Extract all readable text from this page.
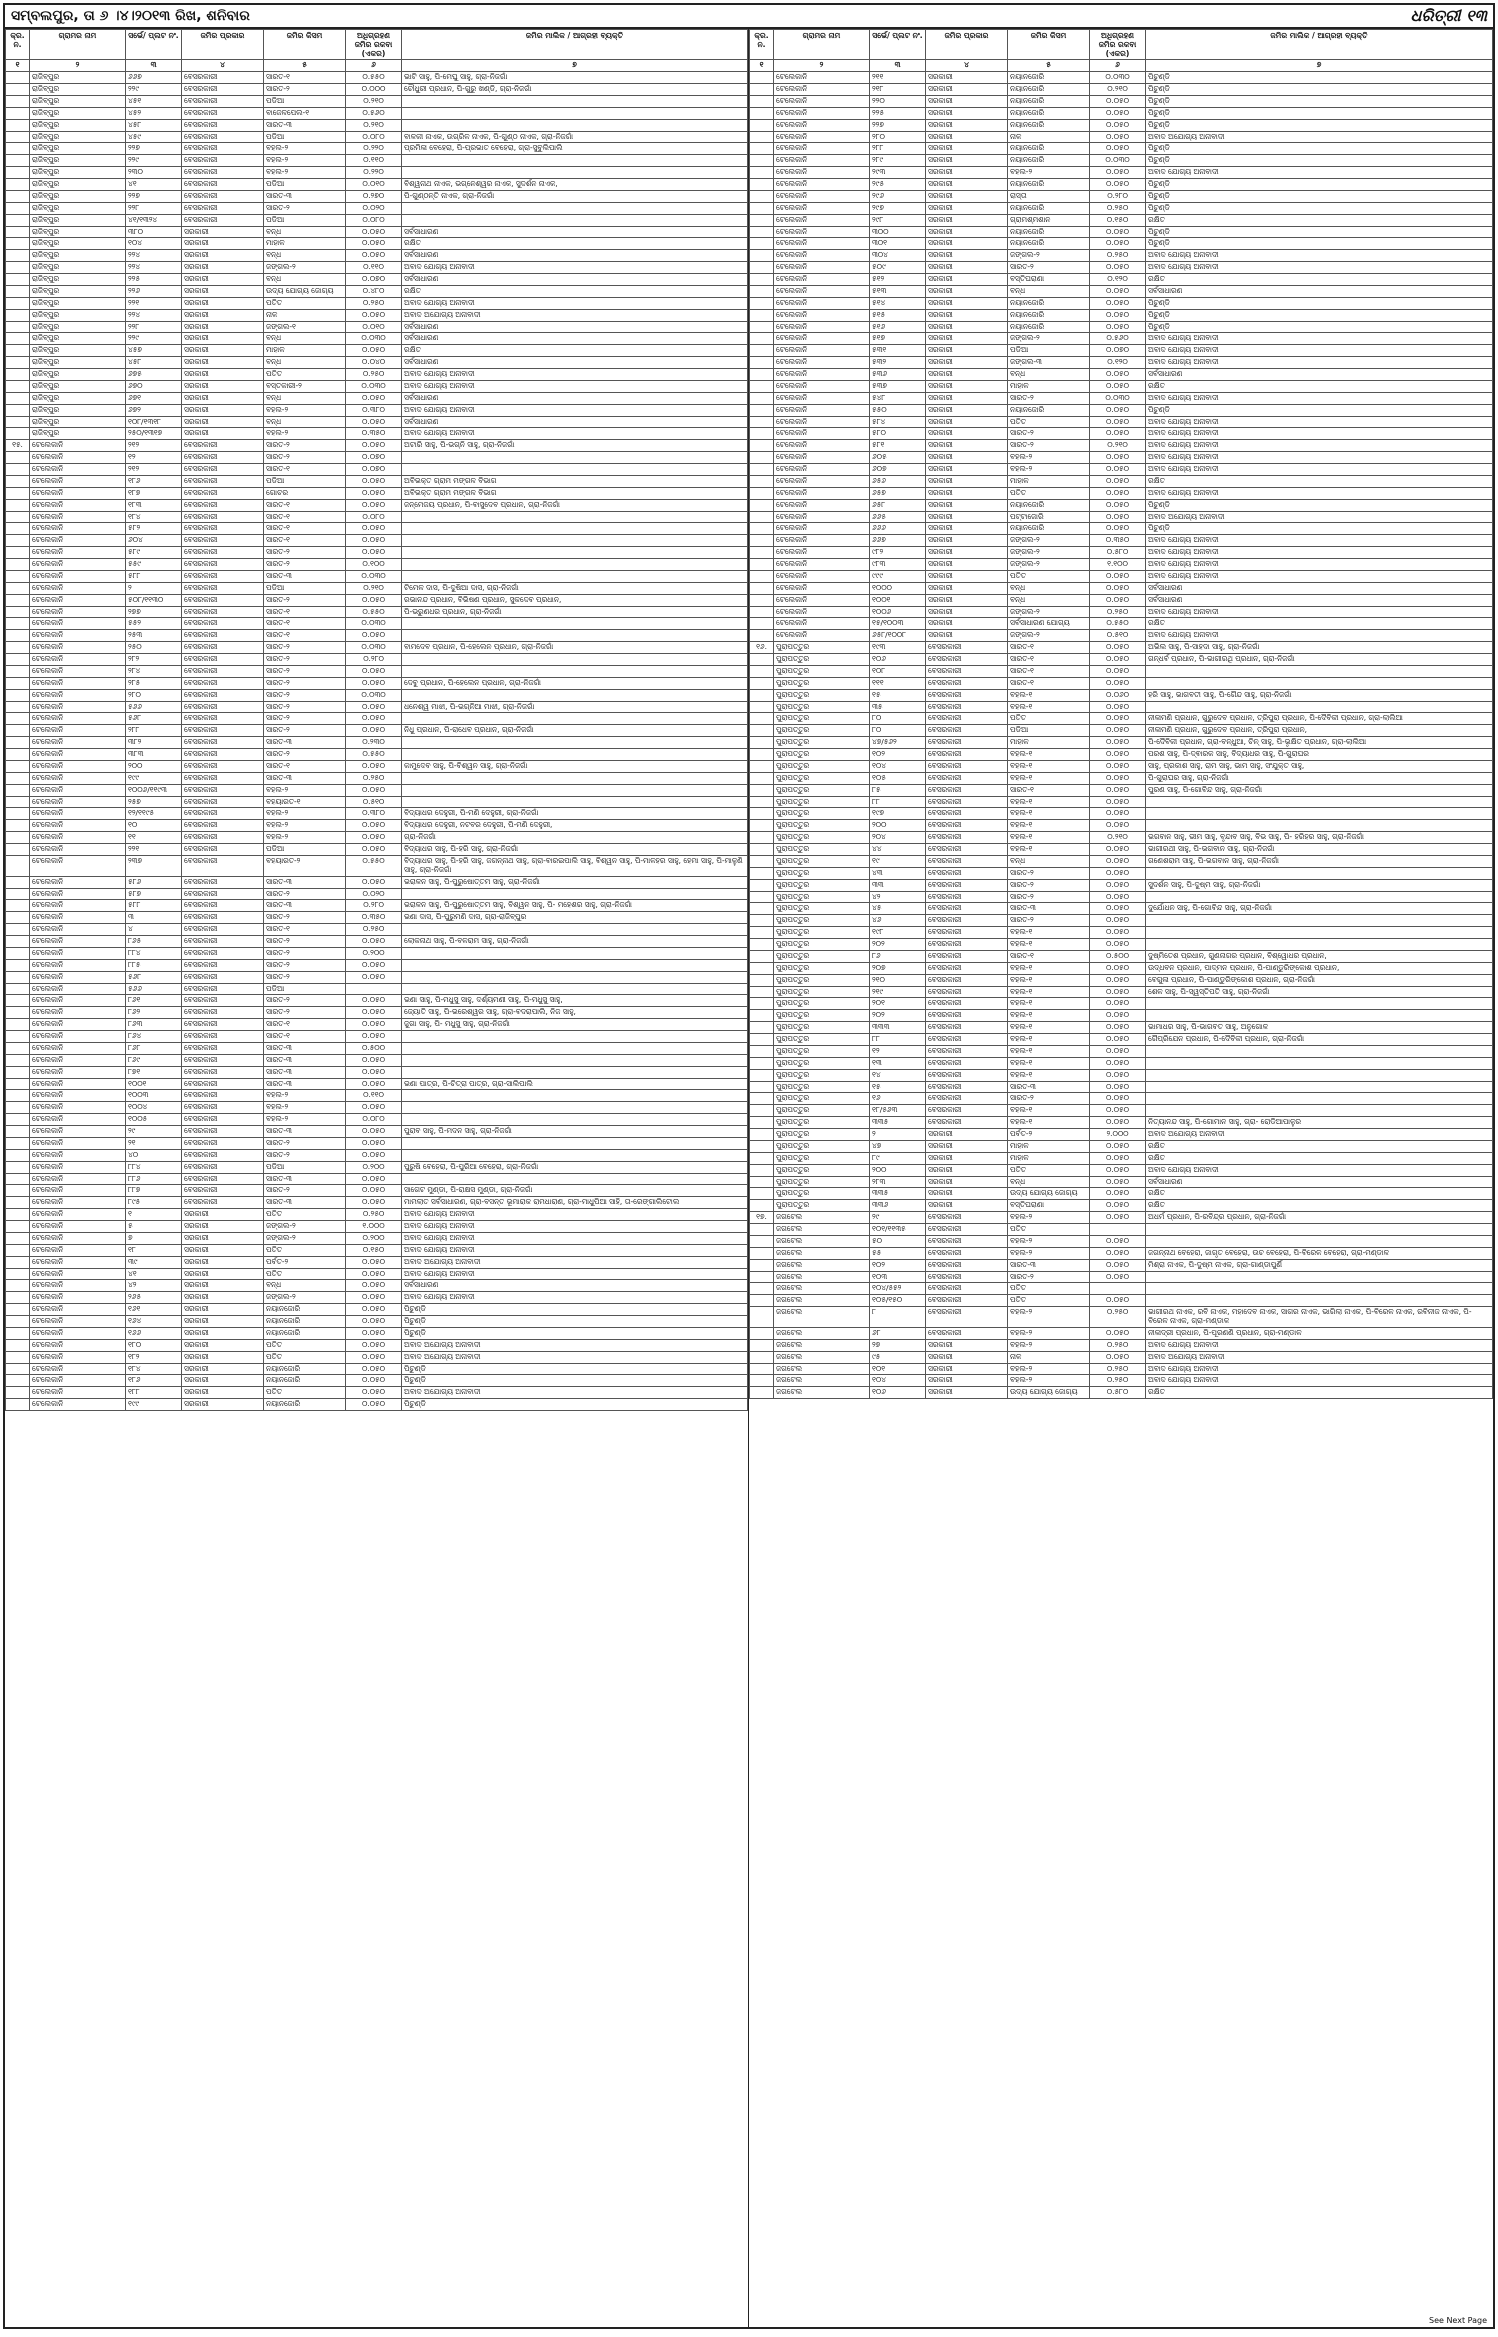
ସମ୍ବଲପୁର, ତା ୬ ।୪।୨୦୧୩ ରିଖ, ଶନିବାର	ଧରିତ୍ରୀ ୧୩
କ୍ର. ନ.	ଗ୍ରାମର ନାମ	ସର୍ଭେ/ ପ୍ଲଟ ନଂ.	ଜମିର ପ୍ରକାର	ଜମିର କିସମ	ଅଧିଗ୍ରହଣ ଜମିର ରକବା (ଏକର)	ଜମିର ମାଲିକ / ଆଗ୍ରହୀ ବ୍ୟକ୍ତି
୧	୨	୩	୪	୫	୬	୭
	ରାଜିବ୍ପୁର	୬୬୭	ବେସରକାରୀ	ସାରତ-୧	୦.୫୫୦	ଭାଟି ସାହୁ, ପି-ମେଘୁ ସାହୁ, ଗ୍ରା-ନିଜଗାଁ
	ରାଜିବ୍ପୁର	୨୨୯	ବେସରକାରୀ	ସାରତ-୨	୦.୦୦୦	ଚୌଧୁରୀ ପ୍ରଧାନ, ପି-ଗୁରୁ ଖଣ୍ଡି, ଗ୍ରା-ନିଜଗାଁ
	ରାଜିବ୍ପୁର	୪୫୧	ବେସରକାରୀ	ପଡିଆ	୦.୨୧୦	
	ରାଜିବ୍ପୁର	୪୫୨	ବେସରକାରୀ	ବାଜେଳପେଲ-୧	୦.୫୬୦	
	ରାଜିବ୍ପୁର	୪୫୮	ବେସରକାରୀ	ସାରତ-୩	୦.୨୧୦	
	ରାଜିବ୍ପୁର	୪୫୯	ବେସରକାରୀ	ପଡିଆ	୦.୦୮୦	ବାଳକୀ ନାଏକ, ଉଗ୍ରିଳ ନାଏକ, ପି-ଗୁଣ୍ଠ ନାଏକ, ଗ୍ରା-ନିଜଗାଁ
	ରାଜିବ୍ପୁର	୨୨୭	ବେସରକାରୀ	ବହଲ-୨	୦.୨୨୦	ପ୍ରମିଳା ବେହେରା, ପି-ପ୍ରଭାତ ବେହେରା, ଗ୍ରା-ସୁବୁଲିପାଲି
	ରାଜିବ୍ପୁର	୨୨୯	ବେସରକାରୀ	ବହଲ-୨	୦.୧୧୦	
	ରାଜିବ୍ପୁର	୨୩୦	ବେସରକାରୀ	ବହଲ-୨	୦.୨୨୦	
	ରାଜିବ୍ପୁର	୪୧	ବେସରକାରୀ	ପଡିଆ	୦.୦୧୦	ବିଶ୍ୱନାଥ ନାଏକ, ଭଗ୍ନେଶ୍ୱର ନାଏକ, ସୁଦର୍ଶନ ନାଏକ,
	ରାଜିବ୍ପୁର	୨୨୭	ବେସରକାରୀ	ସାରତ-୩	୦.୨୭୦	ପି-ଗୁଣ୍ଠନ୍ତି ନାଏକ, ଗ୍ରା-ନିଜଗାଁ
	ରାଜିବ୍ପୁର	୨୨୮	ବେସରକାରୀ	ସାରତ-୨	୦.୦୨୦	
	ରାଜିବ୍ପୁର	୪୧/୧୩୨୪	ବେସରକାରୀ	ପଡିଆ	୦.୦୮୦	
	ରାଜିବ୍ପୁର	୩୮୦	ସରକାରୀ	ବନ୍ଧ	୦.୦୫୦	ସର୍ବସାଧାରଣ
	ରାଜିବ୍ପୁର	୧୦୪	ସରକାରୀ	ମାହାଳ	୦.୦୫୦	ରକ୍ଷିତ
	ରାଜିବ୍ପୁର	୨୨୪	ସରକାରୀ	ବନ୍ଧ	୦.୦୫୦	ସର୍ବସାଧାରଣ
	ରାଜିବ୍ପୁର	୨୨୪	ସରକାରୀ	ଜଙ୍ଗଲ-୨	୦.୧୧୦	ଅବାଦ ଯୋଗ୍ୟ ଅନାବାଦୀ
	ରାଜିବ୍ପୁର	୨୨୫	ସରକାରୀ	ବନ୍ଧ	୦.୦୭୦	ସର୍ବସାଧାରଣ
	ରାଜିବ୍ପୁର	୨୨୬	ସରକାରୀ	ଉଦ୍ୟ ଯୋଗ୍ୟ ଜୋଗ୍ୟ	୦.୪୮୦	ରକ୍ଷିତ
	ରାଜିବ୍ପୁର	୨୨୧	ସରକାରୀ	ପତିତ	୦.୨୫୦	ଅବାଦ ଯୋଗ୍ୟ ଅନାବାଦୀ
	ରାଜିବ୍ପୁର	୨୨୪	ସରକାରୀ	ନାଳ	୦.୦୫୦	ଅବାଦ ଅଯୋଗ୍ୟ ଅନାବାଦୀ
	ରାଜିବ୍ପୁର	୨୨୮	ସରକାରୀ	ଜଙ୍ଗଲ-୧	୦.୦୧୦	ସର୍ବସାଧାରଣ
	ରାଜିବ୍ପୁର	୨୨୯	ସରକାରୀ	ବନ୍ଧ	୦.୦୩୦	ସର୍ବସାଧାରଣ
	ରାଜିବ୍ପୁର	୪୫୭	ସରକାରୀ	ମାହାଳ	୦.୦୫୦	ରକ୍ଷିତ
	ରାଜିବ୍ପୁର	୪୫୮	ସରକାରୀ	ବନ୍ଧ	୦.୦୪୦	ସର୍ବସାଧାରଣ
	ରାଜିବ୍ପୁର	୬୭୫	ସରକାରୀ	ପତିତ	୦.୨୫୦	ଅବାଦ ଯୋଗ୍ୟ ଅନାବାଦୀ
	ରାଜିବ୍ପୁର	୬୭୦	ସରକାରୀ	ବସ୍ତକାରୀ-୨	୦.୦୩୦	ଅବାଦ ଯୋଗ୍ୟ ଅନାବାଦୀ
	ରାଜିବ୍ପୁର	୬୭୧	ସରକାରୀ	ବନ୍ଧ	୦.୦୫୦	ସର୍ବସାଧାରଣ
	ରାଜିବ୍ପୁର	୬୭୨	ସରକାରୀ	ବହଲ-୨	୦.୩୮୦	ଅବାଦ ଯୋଗ୍ୟ ଅନାବାଦୀ
	ରାଜିବ୍ପୁର	୧୦୮/୧୩୧୮	ସରକାରୀ	ବନ୍ଧ	୦.୦୫୦	ସର୍ବସାଧାରଣ
	ରାଜିବ୍ପୁର	୨୫୦/୧୩୧୭	ସରକାରୀ	ବହଲ-୨	୦.୩୫୦	ଅବାଦ ଯୋଗ୍ୟ ଅନାବାଦୀ
୧୫.	ଟେଲେକାନି	୨୧୨	ବେସରକାରୀ	ସାରତ-୨	୦.୦୫୦	ଅଟାରି ସାହୁ, ପି-ଭଗ୍ନି ସାହୁ, ଗ୍ରା-ନିଜଗାଁ
	ଟେଲେକାନି	୧୨	ବେସରକାରୀ	ସାରତ-୨	୦.୦୭୦	
	ଟେଲେକାନି	୨୧୨	ବେସରକାରୀ	ସାରତ-୧	୦.୦୭୦	
	ଟେଲେକାନି	୧୮୬	ବେସରକାରୀ	ପଡିଆ	୦.୦୫୦	ଅବିଭକ୍ତ ଗ୍ରାମ ମଙ୍ଗଳ ବିଭାଗ
	ଟେଲେକାନି	୧୮୭	ବେସରକାରୀ	ଗୋଚର	୦.୦୫୦	ଅବିଭକ୍ତ ଗ୍ରାମ ମଙ୍ଗଳ ବିଭାଗ
	ଟେଲେକାନି	୧୮୩	ବେସରକାରୀ	ସାରତ-୧	୦.୦୫୦	ଜନ୍ମେଜୟ ପ୍ରଧାନ, ପି-ବାସୁଦେବ ପ୍ରଧାନ, ଗ୍ରା-ନିଜଗାଁ
	ଟେଲେକାନି	୧୮୪	ବେସରକାରୀ	ସାରତ-୧	୦.୦୮୦	
	ଟେଲେକାନି	୫୮୨	ବେସରକାରୀ	ସାରତ-୧	୦.୦୫୦	
	ଟେଲେକାନି	୬୦୪	ବେସରକାରୀ	ସାରତ-୧	୦.୦୫୦	
	ଟେଲେକାନି	୫୮୯	ବେସରକାରୀ	ସାରତ-୨	୦.୦୫୦	
	ଟେଲେକାନି	୫୫୯	ବେସରକାରୀ	ସାରତ-୨	୦.୧୦୦	
	ଟେଲେକାନି	୫୮୮	ବେସରକାରୀ	ସାରତ-୩	୦.୦୩୦	
	ଟେଲେକାନି	୨	ବେସରକାରୀ	ପଡିଆ	୦.୨୧୦	ଟିମେଳ ଦାସ, ପି-ଦୁଷିଆ ଦାସ, ଗ୍ରା-ନିଜଗାଁ
	ଟେଲେକାନି	୫୦୮/୧୧୩୦	ବେସରକାରୀ	ସାରତ-୨	୦.୦୫୦	ରଭାନନ୍ଦ ପ୍ରଧାନ, ବିଭିଷଣ ପ୍ରଧାନ, ସୁକଦେବ ପ୍ରଧାନ,
	ଟେଲେକାନି	୨୭୭	ବେସରକାରୀ	ସାରତ-୧	୦.୫୫୦	ପି-ଭରୁଣଧର ପ୍ରଧାନ, ଗ୍ରା-ନିଜଗାଁ
	ଟେଲେକାନି	୫୫୨	ବେସରକାରୀ	ସାରତ-୧	୦.୦୩୦	
	ଟେଲେକାନି	୨୫୩	ବେସରକାରୀ	ସାରତ-୧	୦.୦୫୦	
	ଟେଲେକାନି	୨୫୦	ବେସରକାରୀ	ସାରତ-୨	୦.୦୩୦	ବାମଦେବ ପ୍ରଧାନ, ପି-ହେଲେନ ପ୍ରଧାନ, ଗ୍ରା-ନିଜଗାଁ
	ଟେଲେକାନି	୨୮୨	ବେସରକାରୀ	ସାରତ-୨	୦.୨୮୦	
	ଟେଲେକାନି	୨୮୪	ବେସରକାରୀ	ସାରତ-୨	୦.୦୫୦	
	ଟେଲେକାନି	୨୮୫	ବେସରକାରୀ	ସାରତ-୨	୦.୦୫୦	ଦେବୁ ପ୍ରଧାନ, ପି-ହେଲେନ ପ୍ରଧାନ, ଗ୍ରା-ନିଜଗାଁ
	ଟେଲେକାନି	୨୮୦	ବେସରକାରୀ	ସାରତ-୨	୦.୦୩୦	
	ଟେଲେକାନି	୫୬୬	ବେସରକାରୀ	ସାରତ-୨	୦.୦୫୦	ଧନେଶ୍ୱ ମାଝୀ, ପି-ଭଗ୍ନିଆ ମାଝୀ, ଗ୍ରା-ନିଜଗାଁ
	ଟେଲେକାନି	୫୬୮	ବେସରକାରୀ	ସାରତ-୨	୦.୦୫୦	
	ଟେଲେକାନି	୨୮୮	ବେସରକାରୀ	ସାରତ-୨	୦.୦୫୦	ନିଧୁ ପ୍ରଧାନ, ପି-ରାଧେବ ପ୍ରଧାନ, ଗ୍ରା-ନିଜଗାଁ
	ଟେଲେକାନି	୩୮୨	ବେସରକାରୀ	ସାରତ-୩	୦.୨୩୦	
	ଟେଲେକାନି	୩୮୩	ବେସରକାରୀ	ସାରତ-୨	୦.୫୫୦	
	ଟେଲେକାନି	୨୦୦	ବେସରକାରୀ	ସାରତ-୧	୦.୦୫୦	କାମୁଦେବ ସାହୁ, ପି-ବିଶ୍ୱନ ସାହୁ, ଗ୍ରା-ନିଜଗାଁ
	ଟେଲେକାନି	୧୯୯	ବେସରକାରୀ	ସାରତ-୩	୦.୨୫୦	
	ଟେଲେକାନି	୧୦୦୬/୧୧୯୩	ବେସରକାରୀ	ବହଲ-୨	୦.୦୫୦	
	ଟେଲେକାନି	୨୫୭	ବେସରକାରୀ	ବହୟାରତ-୧	୦.୫୧୦	
	ଟେଲେକାନି	୧୨/୧୧୯୫	ବେସରକାରୀ	ବହଲ-୨	୦.୩୮୦	ବିଦ୍ୟାଧର ଦେହୁରୀ, ପି-ମଣି ଦେହୁରୀ, ଗ୍ରା-ନିଜଗାଁ
	ଟେଲେକାନି	୧୦	ବେସରକାରୀ	ବହଲ-୨	୦.୦୫୦	ବିଦ୍ୟାଧର ଦେହୁରୀ, ନଟବର ଦେହୁରୀ, ପି-ମଣି ଦେହୁରୀ,
	ଟେଲେକାନି	୧୧	ବେସରକାରୀ	ବହଲ-୨	୦.୦୫୦	ଗ୍ରା-ନିଜଗାଁ
	ଟେଲେକାନି	୨୨୧	ବେସରକାରୀ	ପଡିଆ	୦.୦୫୦	ବିଦ୍ୟାଧର ସାହୁ, ପି-ହରି ସାହୁ, ଗ୍ରା-ନିଜଗାଁ
	ଟେଲେକାନି	୨୩୭	ବେସରକାରୀ	ବହୟାରତ-୨	୦.୫୫୦	ବିଦ୍ୟାଧର ସାହୁ, ପି-ହରି ସାହୁ, ଜଗନ୍ନାଥ ସାହୁ, ଗ୍ରା-ବାରଇପାଲି ସାହୁ, ବିଶ୍ୱନ ସାହୁ, ପି-ମାଳହର ସାହୁ, ହେମା ସାହୁ, ପି-ମାଳୁଣି ସାହୁ, ଗ୍ରା-ନିଜଗାଁ
	ଟେଲେକାନି	୫୮୬	ବେସରକାରୀ	ସାରତ-୩	୦.୦୫୦	ଭରାଳନ ସାହୁ, ପି-ପୁରୁଷୋତ୍ତମ ସାହୁ, ଗ୍ରା-ନିଜଗାଁ
	ଟେଲେକାନି	୫୮୭	ବେସରକାରୀ	ସାରତ-୨	୦.୦୨୦	
	ଟେଲେକାନି	୫୮୮	ବେସରକାରୀ	ସାରତ-୩	୦.୨୮୦	ଭରାଳନ ସାହୁ, ପି-ପୁରୁଷୋତ୍ତମ ସାହୁ, ବିଶ୍ୱନ ସାହୁ, ପି- ମହେଶର ସାହୁ, ଗ୍ରା-ନିଜଗାଁ
	ଟେଲେକାନି	୩	ବେସରକାରୀ	ସାରତ-୨	୦.୩୫୦	ଭଣା ଦାସ, ପି-ପୁରୁମଣି ଦାସ, ଗ୍ରା-ରାଜିବ୍ପୁର
	ଟେଲେକାନି	୪	ବେସରକାରୀ	ସାରତ-୧	୦.୨୫୦	
	ଟେଲେକାନି	୮୬୫	ବେସରକାରୀ	ସାରତ-୨	୦.୦୫୦	ଲୋକନାଥ ସାହୁ, ପି-ବଳରାମ ସାହୁ, ଗ୍ରା-ନିଜଗାଁ
	ଟେଲେକାନି	୮୮୪	ବେସରକାରୀ	ସାରତ-୨	୦.୨୦୦	
	ଟେଲେକାନି	୮୮୫	ବେସରକାରୀ	ସାରତ-୨	୦.୦୫୦	
	ଟେଲେକାନି	୫୬୮	ବେସରକାରୀ	ସାରତ-୨	୦.୦୫୦	
	ଟେଲେକାନି	୫୬୬	ବେସରକାରୀ	ପଡିଆ		
	ଟେଲେକାନି	୮୬୧	ବେସରକାରୀ	ସାରତ-୨	୦.୦୫୦	ଭଣା ସାହୁ, ପି-ମଧୁସୁ ସାହୁ, ଦର୍ଶ୍ୟମଣୀ ସାହୁ, ପି-ମଧୁସୁ ସାହୁ,
	ଟେଲେକାନି	୮୬୨	ବେସରକାରୀ	ସାରତ-୨	୦.୦୫୦	ଜ୍ୟୋତି ସାହୁ, ପି-ଭରେଶ୍ୱର ସାହୁ, ଗ୍ରା-ବଦରାପାଲି, ନିଜ ସାହୁ,
	ଟେଲେକାନି	୮୬୩	ବେସରକାରୀ	ସାରତ-୧	୦.୦୫୦	ଜୁଗା ସାହୁ, ପି- ମଧୁସୁ ସାହୁ, ଗ୍ରା-ନିଜଗାଁ
	ଟେଲେକାନି	୮୬୪	ବେସରକାରୀ	ସାରତ-୧	୦.୦୫୦	
	ଟେଲେକାନି	୮୬୮	ବେସରକାରୀ	ସାରତ-୩	୦.୫୦୦	
	ଟେଲେକାନି	୮୬୯	ବେସରକାରୀ	ସାରତ-୩	୦.୦୫୦	
	ଟେଲେକାନି	୮୭୧	ବେସରକାରୀ	ସାରତ-୩	୦.୦୫୦	
	ଟେଲେକାନି	୧୦୦୧	ବେସରକାରୀ	ସାରତ-୩	୦.୦୫୦	ଭଣା ପାତ୍ର, ପି-ଚିତ୍ରା ପାତ୍ର, ଗ୍ରା-ସାଲିପାଲି
	ଟେଲେକାନି	୧୦୦୩	ବେସରକାରୀ	ବହଲ-୨	୦.୧୧୦	
	ଟେଲେକାନି	୧୦୦୪	ବେସରକାରୀ	ବହଲ-୨	୦.୦୫୦	
	ଟେଲେକାନି	୧୦୦୫	ବେସରକାରୀ	ବହଲ-୨	୦.୦୮୦	
	ଟେଲେକାନି	୨୯	ବେସରକାରୀ	ସାରତ-୩	୦.୦୫୦	ପୁରାବ ସାହୁ, ପି-ମଦନ ସାହୁ, ଗ୍ରା-ନିଜଗାଁ
	ଟେଲେକାନି	୨୧	ବେସରକାରୀ	ସାରତ-୨	୦.୦୫୦	
	ଟେଲେକାନି	୪୦	ବେସରକାରୀ	ସାରତ-୨	୦.୦୫୦	
	ଟେଲେକାନି	୮୮୪	ବେସରକାରୀ	ପଡିଆ	୦.୨୦୦	ପୁରୁଷି ବେହେରା, ପି-ପୁରିଆ ବେହେରା, ଗ୍ରା-ନିଜଗାଁ
	ଟେଲେକାନି	୮୮୬	ବେସରକାରୀ	ସାରତ-୩	୦.୦୫୦	
	ଟେଲେକାନି	୮୮୭	ବେସରକାରୀ	ସାରତ-୨	୦.୦୫୦	ସାଗେଟ ମୁଣ୍ଡା, ପି-ରାକ୍ଷସ ମୁଣ୍ଡା, ଗ୍ରା-ନିଜଗାଁ
	ଟେଲେକାନି	୮୯୫	ବେସରକାରୀ	ସାରତ-୩	୦.୦୫୦	ମାମଲାତ ସର୍ବସାଧାରଣ, ଗ୍ରା-ବସନ୍ତ ଭୂମାରାକ ରାମଧାରାଣ, ଗ୍ରା-ମାଧୁପିଆ ସାହି, ତା-ରେଙ୍ଗାଲିଟୋଲ
	ଟେଲେକାନି	୧	ସରକାରୀ	ପତିତ	୦.୨୫୦	ଅବାଦ ଯୋଗ୍ୟ ଅନାବାଦୀ
	ଟେଲେକାନି	୫	ସରକାରୀ	ଜଙ୍ଗଲ-୨	୧.୦୦୦	ଅବାଦ ଯୋଗ୍ୟ ଅନାବାଦୀ
	ଟେଲେକାନି	୭	ସରକାରୀ	ଜଙ୍ଗଲ-୨	୦.୨୦୦	ଅବାଦ ଯୋଗ୍ୟ ଅନାବାଦୀ
	ଟେଲେକାନି	୧୮	ସରକାରୀ	ପତିତ	୦.୧୫୦	ଅବାଦ ଯୋଗ୍ୟ ଅନାବାଦୀ
	ଟେଲେକାନି	୩୯	ସରକାରୀ	ପର୍ବତ-୨	୦.୦୫୦	ଅବାଦ ଅଯୋଗ୍ୟ ଅନାବାଦୀ
	ଟେଲେକାନି	୪୧	ସରକାରୀ	ପତିତ	୦.୦୫୦	ଅବାଦ ଯୋଗ୍ୟ ଅନାବାଦୀ
	ଟେଲେକାନି	୪୨	ସରକାରୀ	ବନ୍ଧ	୦.୦୫୦	ସର୍ବସାଧାରଣ
	ଟେଲେକାନି	୨୬୫	ସରକାରୀ	ଜଙ୍ଗଲ-୨	୦.୦୫୦	ଅବାଦ ଯୋଗ୍ୟ ଅନାବାଦୀ
	ଟେଲେକାନି	୧୬୧	ସରକାରୀ	ନୟାନଜୋରି	୦.୦୫୦	ପିଚୁଣ୍ଡି
	ଟେଲେକାନି	୧୬୪	ସରକାରୀ	ନୟାନଜୋରି	୦.୦୫୦	ପିଚୁଣ୍ଡି
	ଟେଲେକାନି	୧୬୬	ସରକାରୀ	ନୟାନଜୋରି	୦.୦୫୦	ପିଚୁଣ୍ଡି
	ଟେଲେକାନି	୧୮୦	ସରକାରୀ	ପତିତ	୦.୦୫୦	ଅବାଦ ଅଯୋଗ୍ୟ ଅନାବାଦୀ
	ଟେଲେକାନି	୧୮୨	ସରକାରୀ	ପତିତ	୦.୦୫୦	ଅବାଦ ଅଯୋଗ୍ୟ ଅନାବାଦୀ
	ଟେଲେକାନି	୧୮୪	ସରକାରୀ	ନୟାନଜୋରି	୦.୦୫୦	ପିଚୁଣ୍ଡି
	ଟେଲେକାନି	୧୮୬	ସରକାରୀ	ନୟାନଜୋରି	୦.୦୫୦	ପିଚୁଣ୍ଡି
	ଟେଲେକାନି	୧୮୮	ସରକାରୀ	ପତିତ	୦.୦୫୦	ଅବାଦ ଅଯୋଗ୍ୟ ଅନାବାଦୀ
	ଟେଲେକାନି	୧୯୯	ସରକାରୀ	ନୟାନଜୋରି	୦.୦୫୦	ପିଚୁଣ୍ଡି
କ୍ର. ନ.	ଗ୍ରାମର ନାମ	ସର୍ଭେ/ ପ୍ଲଟ ନଂ.	ଜମିର ପ୍ରକାର	ଜମିର କିସମ	ଅଧିଗ୍ରହଣ ଜମିର ରକବା (ଏକର)	ଜମିର ମାଲିକ / ଆଗ୍ରହୀ ବ୍ୟକ୍ତି
୧	୨	୩	୪	୫	୬	୭
	ଟେଲେକାନି	୨୧୧	ସରକାରୀ	ନୟାନଜୋରି	୦.୦୩୦	ପିଚୁଣ୍ଡି
	ଟେଲେକାନି	୨୧୮	ସରକାରୀ	ନୟାନଜୋରି	୦.୨୧୦	ପିଚୁଣ୍ଡି
	ଟେଲେକାନି	୨୨୦	ସରକାରୀ	ନୟାନଜୋରି	୦.୦୫୦	ପିଚୁଣ୍ଡି
	ଟେଲେକାନି	୨୨୫	ସରକାରୀ	ନୟାନଜୋରି	୦.୦୫୦	ପିଚୁଣ୍ଡି
	ଟେଲେକାନି	୨୨୭	ସରକାରୀ	ନୟାନଜୋରି	୦.୦୫୦	ପିଚୁଣ୍ଡି
	ଟେଲେକାନି	୨୮୦	ସରକାରୀ	ନାଳ	୦.୦୫୦	ଅବାଦ ଅଯୋଗ୍ୟ ଅନାବାଦୀ
	ଟେଲେକାନି	୨୮୮	ସରକାରୀ	ନୟାନଜୋରି	୦.୦୫୦	ପିଚୁଣ୍ଡି
	ଟେଲେକାନି	୨୮୯	ସରକାରୀ	ନୟାନଜୋରି	୦.୦୩୦	ପିଚୁଣ୍ଡି
	ଟେଲେକାନି	୨୯୩	ସରକାରୀ	ବହଲ-୨	୦.୦୫୦	ଅବାଦ ଯୋଗ୍ୟ ଅନାବାଦୀ
	ଟେଲେକାନି	୨୯୫	ସରକାରୀ	ନୟାନଜୋରି	୦.୦୫୦	ପିଚୁଣ୍ଡି
	ଟେଲେକାନି	୨୯୬	ସରକାରୀ	ରାସ୍ତା	୦.୨୮୦	ପିଚୁଣ୍ଡି
	ଟେଲେକାନି	୨୯୭	ସରକାରୀ	ନୟାନଜୋରି	୦.୨୫୦	ପିଚୁଣ୍ଡି
	ଟେଲେକାନି	୨୯୮	ସରକାରୀ	ଗ୍ରାମଶ୍ମଶାନ	୦.୧୫୦	ରକ୍ଷିତ
	ଟେଲେକାନି	୩୦୦	ସରକାରୀ	ନୟାନଜୋରି	୦.୦୫୦	ପିଚୁଣ୍ଡି
	ଟେଲେକାନି	୩୦୧	ସରକାରୀ	ନୟାନଜୋରି	୦.୦୫୦	ପିଚୁଣ୍ଡି
	ଟେଲେକାନି	୩୦୪	ସରକାରୀ	ଜଙ୍ଗଲ-୨	୦.୨୫୦	ଅବାଦ ଯୋଗ୍ୟ ଅନାବାଦୀ
	ଟେଲେକାନି	୫୦୯	ସରକାରୀ	ସାରତ-୨	୦.୦୫୦	ଅବାଦ ଯୋଗ୍ୟ ଅନାବାଦୀ
	ଟେଲେକାନି	୫୧୨	ସରକାରୀ	ବସ୍ତିଘରାଣା	୦.୧୨୦	ରକ୍ଷିତ
	ଟେଲେକାନି	୫୧୩	ସରକାରୀ	ବନ୍ଧ	୦.୦୫୦	ସର୍ବସାଧାରଣ
	ଟେଲେକାନି	୫୧୪	ସରକାରୀ	ନୟାନଜୋରି	୦.୦୫୦	ପିଚୁଣ୍ଡି
	ଟେଲେକାନି	୫୧୫	ସରକାରୀ	ନୟାନଜୋରି	୦.୦୫୦	ପିଚୁଣ୍ଡି
	ଟେଲେକାନି	୫୧୬	ସରକାରୀ	ନୟାନଜୋରି	୦.୦୫୦	ପିଚୁଣ୍ଡି
	ଟେଲେକାନି	୫୧୭	ସରକାରୀ	ଜଙ୍ଗଲ-୨	୦.୫୬୦	ଅବାଦ ଯୋଗ୍ୟ ଅନାବାଦୀ
	ଟେଲେକାନି	୫୩୧	ସରକାରୀ	ପଡିଆ	୦.୦୭୦	ଅବାଦ ଯୋଗ୍ୟ ଅନାବାଦୀ
	ଟେଲେକାନି	୫୩୨	ସରକାରୀ	ଜଙ୍ଗଲ-୩	୦.୧୨୦	ଅବାଦ ଯୋଗ୍ୟ ଅନାବାଦୀ
	ଟେଲେକାନି	୫୩୬	ସରକାରୀ	ବନ୍ଧ	୦.୦୫୦	ସର୍ବସାଧାରଣ
	ଟେଲେକାନି	୫୩୭	ସରକାରୀ	ମାହାଳ	୦.୦୫୦	ରକ୍ଷିତ
	ଟେଲେକାନି	୫୪୮	ସରକାରୀ	ସାରତ-୨	୦.୦୩୦	ଅବାଦ ଯୋଗ୍ୟ ଅନାବାଦୀ
	ଟେଲେକାନି	୫୫୦	ସରକାରୀ	ନୟାନଜୋରି	୦.୦୫୦	ପିଚୁଣ୍ଡି
	ଟେଲେକାନି	୫୮୪	ସରକାରୀ	ପତିତ	୦.୦୫୦	ଅବାଦ ଯୋଗ୍ୟ ଅନାବାଦୀ
	ଟେଲେକାନି	୫୮୦	ସରକାରୀ	ସାରତ-୨	୦.୦୫୦	ଅବାଦ ଯୋଗ୍ୟ ଅନାବାଦୀ
	ଟେଲେକାନି	୫୮୧	ସରକାରୀ	ସାରତ-୨	୦.୨୧୦	ଅବାଦ ଯୋଗ୍ୟ ଅନାବାଦୀ
	ଟେଲେକାନି	୬୦୫	ସରକାରୀ	ବହଲ-୨	୦.୦୫୦	ଅବାଦ ଯୋଗ୍ୟ ଅନାବାଦୀ
	ଟେଲେକାନି	୬୦୭	ସରକାରୀ	ବହଲ-୨	୦.୦୫୦	ଅବାଦ ଯୋଗ୍ୟ ଅନାବାଦୀ
	ଟେଲେକାନି	୬୫୬	ସରକାରୀ	ମାହାଳ	୦.୦୫୦	ରକ୍ଷିତ
	ଟେଲେକାନି	୬୫୭	ସରକାରୀ	ପତିତ	୦.୦୫୦	ଅବାଦ ଯୋଗ୍ୟ ଅନାବାଦୀ
	ଟେଲେକାନି	୬୫୮	ସରକାରୀ	ନୟାନଜୋରି	୦.୦୫୦	ପିଚୁଣ୍ଡି
	ଟେଲେକାନି	୬୬୫	ସରକାରୀ	ପଟ୍ଟାଜୋରି	୦.୦୫୦	ଅବାଦ ଅଯୋଗ୍ୟ ଅନାବାଦୀ
	ଟେଲେକାନି	୬୬୬	ସରକାରୀ	ନୟାନଜୋରି	୦.୦୫୦	ପିଚୁଣ୍ଡି
	ଟେଲେକାନି	୬୬୭	ସରକାରୀ	ଜଙ୍ଗଲ-୨	୦.୩୫୦	ଅବାଦ ଯୋଗ୍ୟ ଅନାବାଦୀ
	ଟେଲେକାନି	୯୮୨	ସରକାରୀ	ଜଙ୍ଗଲ-୨	୦.୫୮୦	ଅବାଦ ଯୋଗ୍ୟ ଅନାବାଦୀ
	ଟେଲେକାନି	୯୮୩	ସରକାରୀ	ଜଙ୍ଗଲ-୨	୧.୧୦୦	ଅବାଦ ଯୋଗ୍ୟ ଅନାବାଦୀ
	ଟେଲେକାନି	୯୯୯	ସରକାରୀ	ପତିତ	୦.୦୫୦	ଅବାଦ ଯୋଗ୍ୟ ଅନାବାଦୀ
	ଟେଲେକାନି	୧୦୦୦	ସରକାରୀ	ବନ୍ଧ	୦.୦୫୦	ସର୍ବସାଧାରଣ
	ଟେଲେକାନି	୧୦୦୧	ସରକାରୀ	ବନ୍ଧ	୦.୦୫୦	ସର୍ବସାଧାରଣ
	ଟେଲେକାନି	୧୦୦୬	ସରକାରୀ	ଜଙ୍ଗଲ-୨	୦.୨୫୦	ଅବାଦ ଯୋଗ୍ୟ ଅନାବାଦୀ
	ଟେଲେକାନି	୧୫/୧୦୦୩	ସରକାରୀ	ସର୍ବସାଧାରଣ ଯୋଗ୍ୟ	୦.୫୫୦	ରକ୍ଷିତ
	ଟେଲେକାନି	୬୫୮/୧୦୦୮	ସରକାରୀ	ଜଙ୍ଗଲ-୨	୦.୫୧୦	ଅବାଦ ଯୋଗ୍ୟ ଅନାବାଦୀ
୧୬.	ପୁରାପତ୍ତୁର	୧୯୩	ବେସରକାରୀ	ସାରତ-୧	୦.୦୫୦	ଅଭିଲ ସାହୁ, ପି-ସାହଦା ସାହୁ, ଗ୍ରା-ନିଜଗାଁ
	ପୁରାପତ୍ତୁର	୧୦୬	ବେସରକାରୀ	ସାରତ-୧	୦.୦୫୦	ଗନ୍ଧର୍ବ ପ୍ରଧାନ, ପି-ଭାଗୀରଥି ପ୍ରଧାନ, ଗ୍ରା-ନିଜଗାଁ
	ପୁରାପତ୍ତୁର	୧୦୮	ବେସରକାରୀ	ସାରତ-୧	୦.୦୫୦	
	ପୁରାପତ୍ତୁର	୧୧୧	ବେସରକାରୀ	ସାରତ-୧	୦.୦୫୦	
	ପୁରାପତ୍ତୁର	୧୫	ବେସରକାରୀ	ବହଲ-୧	୦.୦୬୦	ହରି ସାହୁ, ଭାଗବତୀ ସାହୁ, ପି-ଗୈନ୍ଦ ସାହୁ, ଗ୍ରା-ନିଜଗାଁ
	ପୁରାପତ୍ତୁର	୩୫	ବେସରକାରୀ	ବହଲ-୧	୦.୦୫୦	
	ପୁରାପତ୍ତୁର	୮୦	ବେସରକାରୀ	ପତିତ	୦.୦୫୦	ନୀଳାମଣି ପ୍ରଧାନ, ଗୁରୁଦେବ ପ୍ରଧାନ, ତ୍ରିପୁରା ପ୍ରଧାନ, ପି-ଦୈବିକୀ ପ୍ରଧାନ, ଗ୍ରା-ଲାଲିଆ
	ପୁରାପତ୍ତୁର	୮୦	ବେସରକାରୀ	ପଡିଆ	୦.୦୫୦	ନୀଳାମଣି ପ୍ରଧାନ, ଗୁରୁଦେବ ପ୍ରଧାନ, ତ୍ରିପୁରା ପ୍ରଧାନ,
	ପୁରାପତ୍ତୁର	୪୭/୫୬୨	ବେସରକାରୀ	ମାହାଳ	୦.୦୫୦	ପି-ଦୈବିକୀ ପ୍ରଧାନ, ଗ୍ରା-ବନ୍ଧୁଆ, ଚିନ୍ ସାହୁ, ପି-ଭୃକ୍ଷିତ ପ୍ରଧାନ, ଗ୍ରା-ଲାଲିଆ
	ପୁରାପତ୍ତୁର	୧୦୨	ବେସରକାରୀ	ବହଲ-୧	୦.୦୫୦	ପରଶ ସାହୁ, ପି-ଦ୍ଵାରକ ସାହୁ, ବିଦ୍ୟାଧର ସାହୁ, ପି-ଗୁରାଘର
	ପୁରାପତ୍ତୁର	୧୦୪	ବେସରକାରୀ	ବହଲ-୧	୦.୦୫୦	ସାହୁ, ପ୍ରକାଶ ସାହୁ, ରାମ ସାହୁ, ଭାମ ସାହୁ, ସଂଯୁକ୍ତ ସାହୁ,
	ପୁରାପତ୍ତୁର	୧୦୫	ବେସରକାରୀ	ବହଲ-୧	୦.୦୫୦	ପି-ଗୁରାଘର ସାହୁ, ଗ୍ରା-ନିଜଗାଁ
	ପୁରାପତ୍ତୁର	୮୫	ବେସରକାରୀ	ସାରତ-୧	୦.୦୫୦	ପୁରଣ ସାହୁ, ପି-ଗୋବିନ୍ଦ ସାହୁ, ଗ୍ରା-ନିଜଗାଁ
	ପୁରାପତ୍ତୁର	୮୮	ବେସରକାରୀ	ବହଲ-୧	୦.୦୫୦	
	ପୁରାପତ୍ତୁର	୧୯୭	ବେସରକାରୀ	ବହଲ-୧	୦.୦୫୦	
	ପୁରାପତ୍ତୁର	୨୦୦	ବେସରକାରୀ	ବହଲ-୧	୦.୦୫୦	
	ପୁରାପତ୍ତୁର	୨୦୪	ବେସରକାରୀ	ବହଲ-୧	୦.୨୧୦	ଭଗବାନ ସାହୁ, ଭୀମ ସାହୁ, ବୃନ୍ଦାବ ସାହୁ, ବିଭ ସାହୁ, ପି- ହରିହର ସାହୁ, ଗ୍ରା-ନିଜଗାଁ
	ପୁରାପତ୍ତୁର	୪୪	ବେସରକାରୀ	ବହଲ-୧	୦.୦୫୦	ଭାଗୀରଥୀ ସାହୁ, ପି-ଭଗବାନ ସାହୁ, ଗ୍ରା-ନିଜଗାଁ
	ପୁରାପତ୍ତୁର	୧୯	ବେସରକାରୀ	ବନ୍ଧ	୦.୦୫୦	ଗଣେଶରାମ ସାହୁ, ପି-ଭଗବାନ ସାହୁ, ଗ୍ରା-ନିଜଗାଁ
	ପୁରାପତ୍ତୁର	୪୩	ବେସରକାରୀ	ସାରତ-୨	୦.୦୫୦	
	ପୁରାପତ୍ତୁର	୩୩	ବେସରକାରୀ	ସାରତ-୨	୦.୦୫୦	ସୁଦର୍ଶନ ସାହୁ, ପି-ଦୁଷ୍ମ ସାହୁ, ଗ୍ରା-ନିଜଗାଁ
	ପୁରାପତ୍ତୁର	୪୨	ବେସରକାରୀ	ସାରତ-୨	୦.୦୫୦	
	ପୁରାପତ୍ତୁର	୪୫	ବେସରକାରୀ	ସାରତ-୩	୦.୦୫୦	ଦୁର୍ଯୋଧନ ସାହୁ, ପି-ଗୋବିନ୍ଦ ସାହୁ, ଗ୍ରା-ନିଜଗାଁ
	ପୁରାପତ୍ତୁର	୪୬	ବେସରକାରୀ	ସାରତ-୨	୦.୦୫୦	
	ପୁରାପତ୍ତୁର	୧୯୮	ବେସରକାରୀ	ବହଲ-୧	୦.୦୫୦	
	ପୁରାପତ୍ତୁର	୨୦୨	ବେସରକାରୀ	ବହଲ-୧	୦.୦୫୦	
	ପୁରାପତ୍ତୁର	୮୬	ବେସରକାରୀ	ସାରତ-୧	୦.୫୦୦	ଦୁଷ୍ମିତେଶ ପ୍ରଧାନ, ଗୁଣନାଗର ପ୍ରଧାନ, ବିଶ୍ୱୋଧର ପ୍ରଧାନ,
	ପୁରାପତ୍ତୁର	୨୦୭	ବେସରକାରୀ	ବହଲ-୧	୦.୦୫୦	ଉଦ୍ଧବନ ପ୍ରଧାନ, ପାଦ୍ମନ ପ୍ରଧାନ, ପି-ପାଣ୍ଡୁରିଙ୍କୋଶ ପ୍ରଧାନ,
	ପୁରାପତ୍ତୁର	୨୧୦	ବେସରକାରୀ	ବହଲ-୧	୦.୦୫୦	ବେଗୁଳା ପ୍ରଧାନ, ପି-ପାଣ୍ଡୁରିଙ୍କୋଶ ପ୍ରଧାନ, ଗ୍ରା-ନିଜଗାଁ
	ପୁରାପତ୍ତୁର	୨୧୯	ବେସରକାରୀ	ବହଲ-୧	୦.୦୫୦	ଶେଳ ସାହୁ, ପି-ସ୍ୱସ୍ତିପତି ସାହୁ, ଗ୍ରା-ନିଜଗାଁ
	ପୁରାପତ୍ତୁର	୨୦୧	ବେସରକାରୀ	ବହଲ-୧	୦.୦୫୦	
	ପୁରାପତ୍ତୁର	୨୦୨	ବେସରକାରୀ	ବହଲ-୧	୦.୦୫୦	
	ପୁରାପତ୍ତୁର	୩୩୩	ବେସରକାରୀ	ବହଲ-୧	୦.୦୫୦	ଭାମାଧର ସାହୁ, ପି-ଭାଗବତ ସାହୁ, ଅନୁଗୋଳ
	ପୁରାପତ୍ତୁର	୮୮	ବେସରକାରୀ	ବହଲ-୧	୦.୦୫୦	ଗୈପ୍ରିଯେନ ପ୍ରଧାନ, ପି-ଦୈବିକୀ ପ୍ରଧାନ, ଗ୍ରା-ନିଜଗାଁ
	ପୁରାପତ୍ତୁର	୧୨	ବେସରକାରୀ	ବହଲ-୧	୦.୦୫୦	
	ପୁରାପତ୍ତୁର	୧୩	ବେସରକାରୀ	ବହଲ-୧	୦.୦୫୦	
	ପୁରାପତ୍ତୁର	୧୪	ବେସରକାରୀ	ବହଲ-୧	୦.୦୫୦	
	ପୁରାପତ୍ତୁର	୧୫	ବେସରକାରୀ	ସାରତ-୩	୦.୦୫୦	
	ପୁରାପତ୍ତୁର	୧୬	ବେସରକାରୀ	ସାରତ-୨	୦.୦୫୦	
	ପୁରାପତ୍ତୁର	୧୮/୫୬୩	ବେସରକାରୀ	ବହଲ-୧	୦.୦୫୦	
	ପୁରାପତ୍ତୁର	୩୩୫	ବେସରକାରୀ	ବହଲ-୧	୦.୦୫୦	ନିତ୍ୟାନନ୍ଦ ସାହୁ, ପି-ଗୋମାନ ସାହୁ, ଗ୍ରା- ରୋଡିଆପାଳୁର
	ପୁରାପତ୍ତୁର	୨	ସରକାରୀ	ପର୍ବତ-୨	୨.୦୦୦	ଅବାଦ ଅଯୋଗ୍ୟ ଅନାବାଦୀ
	ପୁରାପତ୍ତୁର	୪୭	ସରକାରୀ	ମାହାଳ	୦.୦୫୦	ରକ୍ଷିତ
	ପୁରାପତ୍ତୁର	୮୯	ସରକାରୀ	ମାହାଳ	୦.୦୫୦	ରକ୍ଷିତ
	ପୁରାପତ୍ତୁର	୨୦୦	ସରକାରୀ	ପତିତ	୦.୦୫୦	ଅବାଦ ଯୋଗ୍ୟ ଅନାବାଦୀ
	ପୁରାପତ୍ତୁର	୨୮୩	ସରକାରୀ	ବନ୍ଧ	୦.୦୫୦	ସର୍ବସାଧାରଣ
	ପୁରାପତ୍ତୁର	୩୩୫	ସରକାରୀ	ଉଦ୍ୟ ଯୋଗ୍ୟ ଜୋଗ୍ୟ	୦.୦୫୦	ରକ୍ଷିତ
	ପୁରାପତ୍ତୁର	୩୩୬	ସରକାରୀ	ବସ୍ତିଘରାଣା	୦.୦୫୦	ରକ୍ଷିତ
୧୭.	ଜଗଟେଲ	୨୯	ବେସରକାରୀ	ବହଲ-୨	୦.୦୫୦	ଅଧର୍ମ ପ୍ରଧାନ, ପି-ରବିନ୍ଦ୍ର ପ୍ରଧାନ, ଗ୍ରା-ନିଜଗାଁ
	ଜଗଟେଲ	୧୦୧/୧୧୩୫	ବେସରକାରୀ	ପତିତ		
	ଜଗଟେଲ	୫୦	ବେସରକାରୀ	ବହଲ-୨	୦.୦୫୦	
	ଜଗଟେଲ	୫୫	ବେସରକାରୀ	ବହଲ-୨	୦.୦୫୦	ଜଗନ୍ନାଥ ବେହେରା, ଜାଗୃତ ବେହେରା, ଉଚ ବେହେରା, ପି-ବିରେଳ ବେହେରା, ଗ୍ରା-ମଣ୍ଡାଳ
	ଜଗଟେଲ	୧୦୨	ବେସରକାରୀ	ସାରତ-୩	୦.୦୫୦	ମିଶ୍ରା ନାଏକ, ପି-ଦୁଷ୍ମ ନାଏକ, ଗ୍ରା-ଗାଣ୍ଡାପୁର୍ଣି
	ଜଗଟେଲ	୧୦୩	ବେସରକାରୀ	ସାରତ-୨	୦.୦୫୦	
	ଜଗଟେଲ	୧୦୪/୫୫୨	ବେସରକାରୀ	ପତିତ		
	ଜଗଟେଲ	୧୦୫/୧୫୦	ବେସରକାରୀ	ପତିତ	୦.୦୫୦	
	ଜଗଟେଲ	୮	ବେସରକାରୀ	ବହଲ-୨	୦.୨୫୦	ଭାଗୀରଥ ନାଏକ, ରବି ନାଏକ, ମହାଦେବ ନାଏକ, ସାଗର ନାଏକ, ଭାଗିଲା ନାଏକ, ପି-ବିରେଳ ନାଏକ, ରବିନୀଜ ନାଏକ, ପି- ବିରେଳ ନାଏକ, ଗ୍ରା-ମଣ୍ଡାଳ
	ଜଗଟେଲ	୬୮	ବେସରକାରୀ	ବହଲ-୨	୦.୦୫୦	ନୀଳାଦ୍ରୀ ପ୍ରଧାନ, ପି-ପୂରଣଣି ପ୍ରଧାନ, ଗ୍ରା-ମଣ୍ଡାଳ
	ଜଗଟେଲ	୨୭	ସରକାରୀ	ବହଲ-୨	୦.୨୫୦	ଅବାଦ ଯୋଗ୍ୟ ଅନାବାଦୀ
	ଜଗଟେଲ	୯୫	ସରକାରୀ	ନାଳ	୦.୦୫୦	ଅବାଦ ଅଯୋଗ୍ୟ ଅନାବାଦୀ
	ଜଗଟେଲ	୧୦୧	ସରକାରୀ	ବହଲ-୨	୦.୨୫୦	ଅବାଦ ଯୋଗ୍ୟ ଅନାବାଦୀ
	ଜଗଟେଲ	୧୦୪	ସରକାରୀ	ବହଲ-୨	୦.୨୫୦	ଅବାଦ ଯୋଗ୍ୟ ଅନାବାଦୀ
	ଜଗଟେଲ	୧୦୬	ସରକାରୀ	ଉଦ୍ୟ ଯୋଗ୍ୟ ଜୋଗ୍ୟ	୦.୫୮୦	ରକ୍ଷିତ
See Next Page
